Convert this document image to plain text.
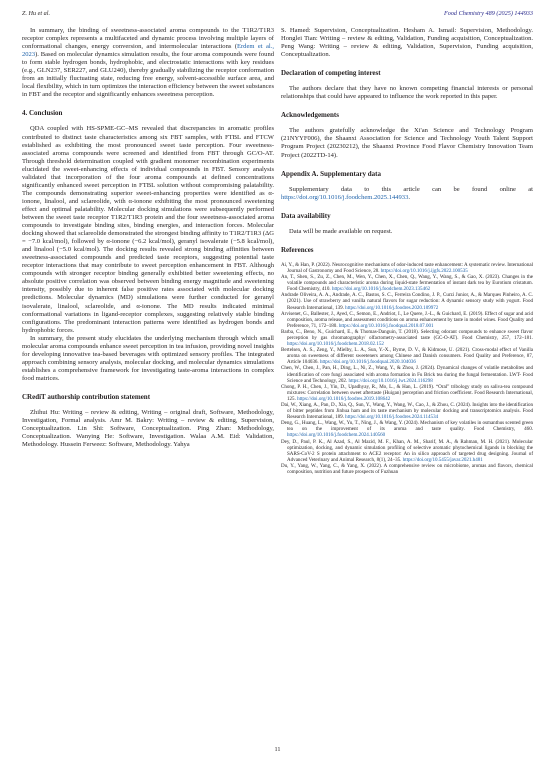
Z. Hu et al.	Food Chemistry 489 (2025) 144933

In summary, the binding of sweetness-associated aroma compounds to the T1R2/T1R3 receptor complex represents a multifaceted and dynamic process involving multiple layers of conformational changes, energy conversion, and intermolecular interactions (Erdem et al., 2023). Based on molecular dynamics simulation results, the four aroma compounds were found to form stable hydrogen bonds, hydrophobic, and electrostatic interactions with key residues (e.g., GLN237, SER227, and GLU240), thereby gradually stabilizing the receptor conformation from an initially fluctuating state, reducing free energy, solvent-accessible surface area, and local flexibility, which in turn optimizes the interaction efficiency between the sweet substances in FBT and the receptor and significantly enhances sweetness perception.

4. Conclusion

QDA coupled with HS-SPME-GC–MS revealed that discrepancies in aromatic profiles contributed to distinct taste characteristics among six FBT samples, with FTBL and FTCW established as exhibiting the most pronounced sweet taste perception. Four sweetness-associated aroma compounds were screened and identified from FBT through GC/O-AT. Through threshold determination coupled with gradient monomer recombination experiments elucidated the sweet-enhancing effects of individual compounds in FBT. Sensory analysis validated that incorporation of the four aroma compounds at defined concentrations significantly enhanced sweet perception in FTBL solution without compromising palatability. The compounds demonstrating superior sweet-enhancing properties were identified as α-ionone, linalool, and sclareolide, with α-ionone exhibiting the most pronounced sweetening effect and optimal palatability. Molecular docking simulations were subsequently performed between the sweet taste receptor T1R2/T1R3 protein and the four sweetness-associated aroma compounds to investigate binding sites, binding energies, and interaction forces. Molecular docking showed that sclareolide demonstrated the strongest binding affinity to T1R2/T1R3 (ΔG = −7.0 kcal/mol), followed by α-ionone (−6.2 kcal/mol), geranyl isovalerate (−5.8 kcal/mol), and linalool (−5.0 kcal/mol). The docking results revealed strong binding affinities between sweetness-associated compounds and predicted taste receptors, suggesting potential taste receptor interactions that may contribute to sweet perception enhancement in FBT. Although compounds with stronger receptor binding generally exhibited better sweetening effects, no absolute positive correlation was observed between binding energy magnitude and sweetening intensity, possibly due to inherent false positive rates associated with molecular docking predictions. Molecular dynamics (MD) simulations were further conducted for geranyl isovalerate, linalool, sclareolide, and α-ionone. The MD results indicated minimal conformational variations in ligand-receptor complexes, suggesting relatively stable binding configurations. The predominant interaction patterns were identified as hydrogen bonds and hydrophobic forces.

In summary, the present study elucidates the underlying mechanism through which small molecular aroma compounds enhance sweet perception in tea infusion, providing novel insights for developing innovative tea-based beverages with optimized sensory profiles. The integrated approach combining sensory analysis, molecular docking, and molecular dynamics simulations establishes a comprehensive framework for investigating taste-aroma interactions in complex food matrices.

CRediT authorship contribution statement

Zhihui Hu: Writing – review & editing, Writing – original draft, Software, Methodology, Investigation, Formal analysis. Amr M. Bakry: Writing – review & editing, Supervision, Conceptualization. Lin Shi: Software, Conceptualization. Ping Zhan: Methodology, Conceptualization. Wanying He: Software, Investigation. Walaa A.M. Eid: Validation, Methodology. Hussein Ferweez: Software, Methodology. Yahya

S. Hamed: Supervision, Conceptualization. Hesham A. Ismail: Supervision, Methodology. Honglei Tian: Writing – review & editing, Validation, Funding acquisition, Conceptualization. Peng Wang: Writing – review & editing, Validation, Supervision, Funding acquisition, Conceptualization.

Declaration of competing interest

The authors declare that they have no known competing financial interests or personal relationships that could have appeared to influence the work reported in this paper.

Acknowledgements

The authors gratefully acknowledge the Xi'an Science and Technology Program (21NYYF006), the Shaanxi Association for Science and Technology Youth Talent Support Program Project (20230212), the Shaanxi Province Food Flavor Chemistry Innovation Team Project (2022TD-14).

Appendix A. Supplementary data

Supplementary data to this article can be found online at https://doi.org/10.1016/j.foodchem.2025.144933.

Data availability

Data will be made available on request.

References

Ai, Y., & Han, P. (2022). Neurocognitive mechanisms of odor-induced taste enhancement: A systematic review. International Journal of Gastronomy and Food Science, 28. https://doi.org/10.1016/j.ijgfs.2022.100535

An, T., Shen, S., Zu, Z., Chen, M., Wen, Y., Chen, X., Chen, Q., Wang, Y., Wang, S., & Gao, X. (2023). Changes in the volatile compounds and characteristic aroma during liquid-state fermentation of instant dark tea by Eurotium cristatum. Food Chemistry, 410. https://doi.org/10.1016/j.foodchem.2023.135462

Andrade Oliveira, A. A., Andrade, A. C., Bastos, S. C., Ferreira Condino, J. P., Curzi Junior, A., & Marques Pinheiro, A. C. (2021). Use of strawberry and vanilla natural flavors for sugar reduction: A dynamic sensory study with yogurt. Food Research International, 139. https://doi.org/10.1016/j.foodres.2020.109972

Arvisenet, G., Ballester, J., Ayed, C., Semon, E., Andriot, I., Le Quere, J.-L., & Guichard, E. (2019). Effect of sugar and acid composition, aroma release, and assessment conditions on aroma enhancement by taste in model wines. Food Quality and Preference, 71, 172–180. https://doi.org/10.1016/j.foodqual.2018.07.001

Barba, C., Beno, N., Guichard, E., & Thomas-Danguin, T. (2018). Selecting odorant compounds to enhance sweet flavor perception by gas chromatography/ olfactometry-associated taste (GC-O-AT). Food Chemistry, 257, 172–181. https://doi.org/10.1016/j.foodchem.2018.02.152

Bertelsen, A. S., Zeng, Y., Mielby, L. A., Sun, Y.-X., Byrne, D. V., & Kidmose, U. (2021). Cross-modal effect of Vanilla aroma on sweetness of different sweeteners among Chinese and Danish consumers. Food Quality and Preference, 87, Article 104036. https://doi.org/10.1016/j.foodqual.2020.104036

Chen, W., Chen, J., Pan, H., Ding, L., Ni, Z., Wang, Y., & Zhou, J. (2024). Dynamical changes of volatile metabolites and identification of core fungi associated with aroma formation in Fu Brick tea during the fungal fermentation. LWT- Food Science and Technology, 202. https://doi.org/10.1016/j.lwt.2024.116298

Chong, P. H., Chen, J., Yin, D., Upadhyay, R., Mo, L., & Han, L. (2019). “Oral” tribology study on saliva-tea compound mixtures: Correlation between sweet aftertaste (Huigan) perception and friction coefficient. Food Research International, 125. https://doi.org/10.1016/j.foodres.2019.108642

Dai, W., Xiang, A., Pan, D., Xia, Q., Sun, Y., Wang, Y., Wang, W., Cao, J., & Zhou, C. (2024). Insights into the identification of bitter peptides from Jinhua ham and its taste mechanism by molecular docking and transcriptomics analysis. Food Research International, 189. https://doi.org/10.1016/j.foodres.2024.114534

Deng, G., Huang, L., Wang, W., Yu, T., Ning, J., & Wang, Y. (2024). Mechanism of key volatiles in osmanthus scented green tea on the improvement of its aroma and taste quality. Food Chemistry, 460. https://doi.org/10.1016/j.foodchem.2024.140560

Dey, D., Paul, P. K., Al Azad, S., Al Mazid, M. F., Khan, A. M., Sharif, M. A., & Rahman, M. H. (2021). Molecular optimization, docking, and dynamic simulation profiling of selective aromatic phytochemical ligands in blocking the SARS-CoV-2 S protein attachment to ACE2 receptor: An in silico approach of targeted drug designing. Journal of Advanced Veterinary and Animal Research, 8(1), 24–35. https://doi.org/10.5455/javar.2021.h481

Du, Y., Yang, W., Yang, C., & Yang, X. (2022). A comprehensive review on microbiome, aromas and flavors, chemical composition, nutrition and future prospects of Fuzhuan

11
